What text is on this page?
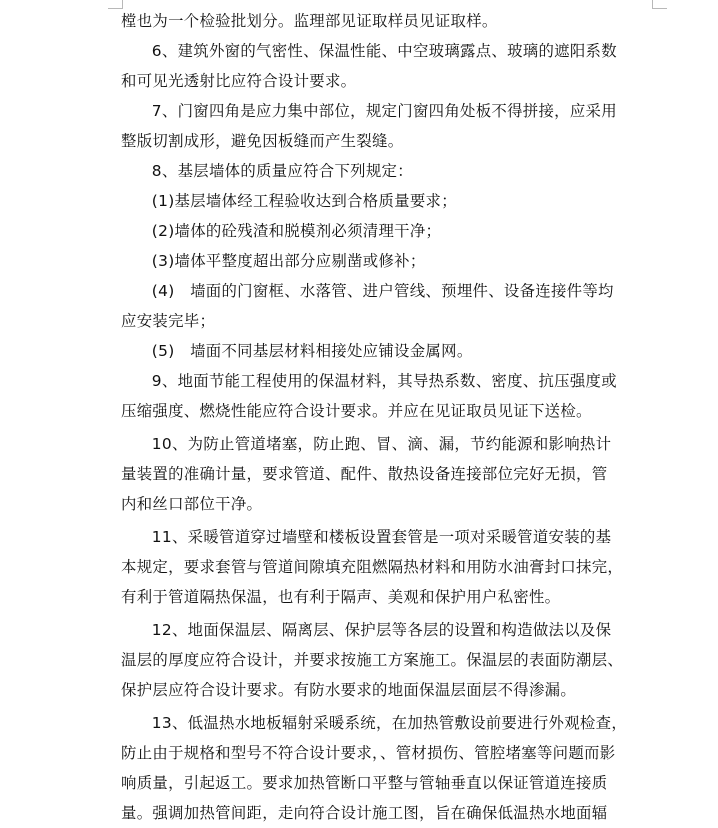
樘也为一个检验批划分。监理部见证取样员见证取样。

6、建筑外窗的气密性、保温性能、中空玻璃露点、玻璃的遮阳系数

和可见光透射比应符合设计要求。

7、门窗四角是应力集中部位，规定门窗四角处板不得拼接，应采用

整版切割成形，避免因板缝而产生裂缝。

8、基层墙体的质量应符合下列规定：

(1)基层墙体经工程验收达到合格质量要求；

(2)墙体的砼残渣和脱模剂必须清理干净；

(3)墙体平整度超出部分应剔凿或修补；

(4)   墙面的门窗框、水落管、进户管线、预埋件、设备连接件等均

应安装完毕；

(5)   墙面不同基层材料相接处应铺设金属网。

9、地面节能工程使用的保温材料，其导热系数、密度、抗压强度或

压缩强度、燃烧性能应符合设计要求。并应在见证取员见证下送检。

10、为防止管道堵塞，防止跑、冒、滴、漏，节约能源和影响热计

量装置的准确计量，要求管道、配件、散热设备连接部位完好无损，管

内和丝口部位干净。

11、采暖管道穿过墙壁和楼板设置套管是一项对采暖管道安装的基

本规定，要求套管与管道间隙填充阻燃隔热材料和用防水油膏封口抹完，

有利于管道隔热保温，也有利于隔声、美观和保护用户私密性。

12、地面保温层、隔离层、保护层等各层的设置和构造做法以及保

温层的厚度应符合设计，并要求按施工方案施工。保温层的表面防潮层、

保护层应符合设计要求。有防水要求的地面保温层面层不得渗漏。

13、低温热水地板辐射采暖系统，在加热管敷设前要进行外观检查，

防止由于规格和型号不符合设计要求，、管材损伤、管腔堵塞等问题而影

响质量，引起返工。要求加热管断口平整与管轴垂直以保证管道连接质

量。强调加热管间距，走向符合设计施工图，旨在确保低温热水地面辐
